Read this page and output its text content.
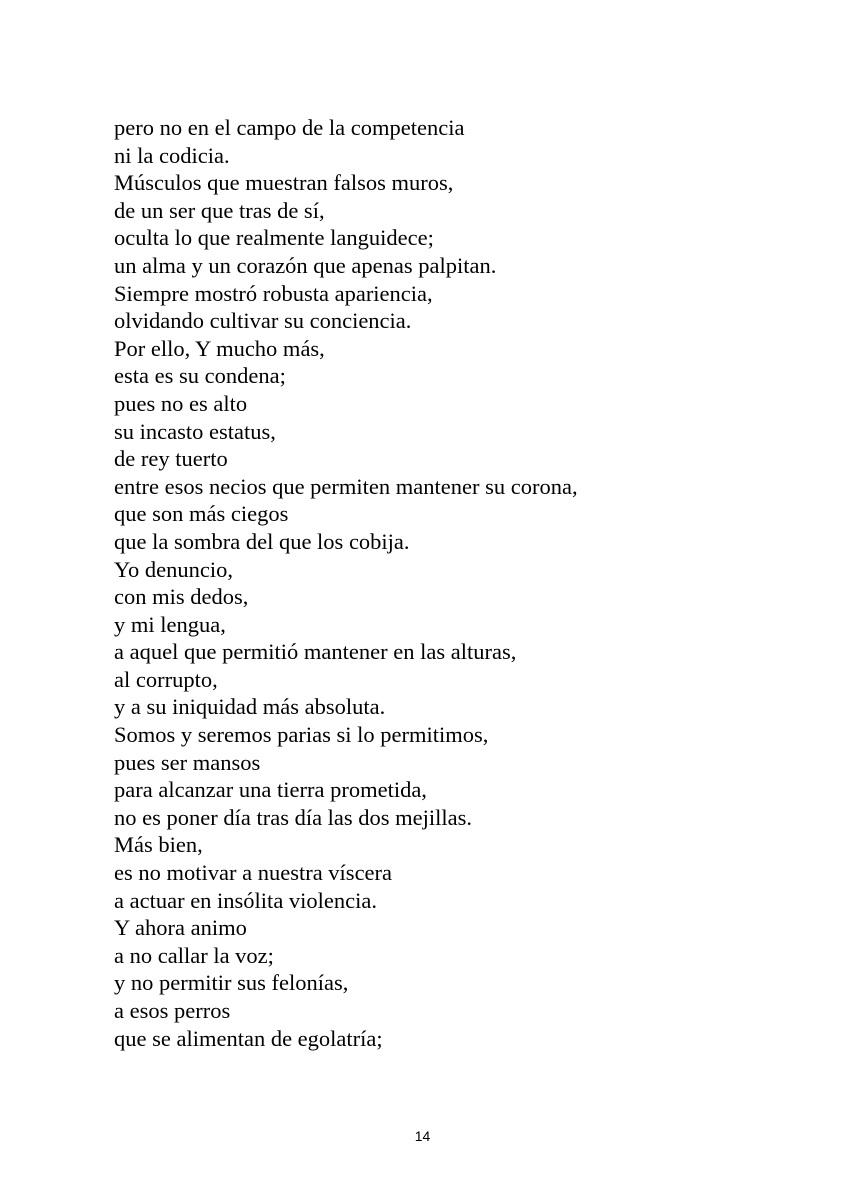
pero no en el campo de la competencia
ni la codicia.
Músculos que muestran falsos muros,
de un ser que tras de sí,
oculta lo que realmente languidece;
un alma y un corazón que apenas palpitan.
Siempre mostró robusta apariencia,
olvidando cultivar su conciencia.
Por ello, Y mucho más,
esta es su condena;
pues no es alto
su incasto estatus,
de rey tuerto
entre esos necios que permiten mantener su corona,
que son más ciegos
que la sombra del que los cobija.
Yo denuncio,
con mis dedos,
y mi lengua,
a aquel que permitió mantener en las alturas,
al corrupto,
y a su iniquidad más absoluta.
Somos y seremos parias si lo permitimos,
pues ser mansos
para alcanzar una tierra prometida,
no es poner día tras día las dos mejillas.
Más bien,
es no motivar a nuestra víscera
a actuar en insólita violencia.
Y ahora animo
a no callar la voz;
y no permitir sus felonías,
a esos perros
que se alimentan de egolatría;
14
